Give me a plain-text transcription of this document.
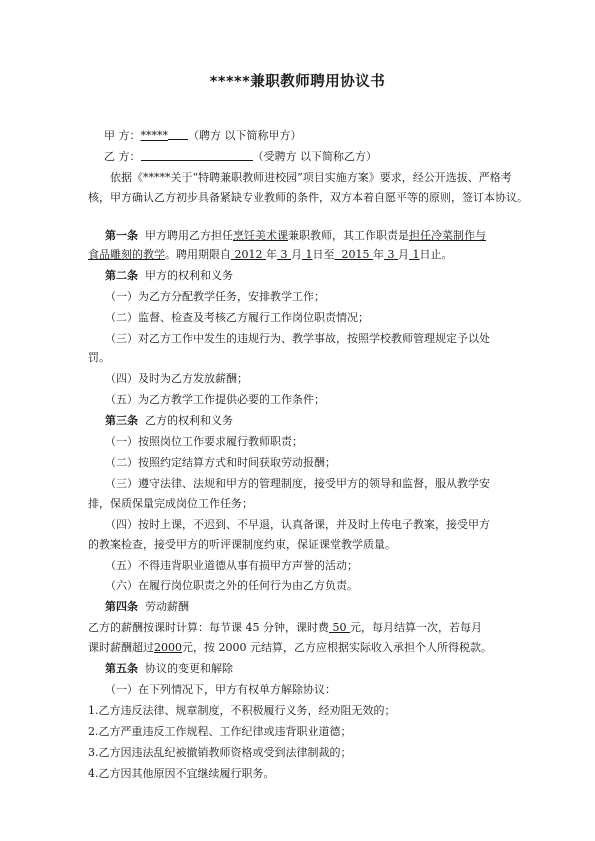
*****兼职教师聘用协议书
甲 方：***** （聘方 以下简称甲方）
乙 方：	（受聘方 以下简称乙方）
依据《*****关于“特聘兼职教师进校园”项目实施方案》要求，经公开选拔、严格考核，甲方确认乙方初步具备紧缺专业教师的条件，双方本着自愿平等的原则，签订本协议。
第一条 甲方聘用乙方担任烹饪美术课兼职教师，其工作职责是担任冷菜制作与
食品雕刻的教学。聘用期限自 2012 年 3 月 1日至 2015 年 3 月 1日止。
第二条 甲方的权利和义务
（一）为乙方分配教学任务，安排教学工作；
（二）监督、检查及考核乙方履行工作岗位职责情况；
（三）对乙方工作中发生的违规行为、教学事故，按照学校教师管理规定予以处
罚。
（四）及时为乙方发放薪酬；
（五）为乙方教学工作提供必要的工作条件；
第三条 乙方的权利和义务
（一）按照岗位工作要求履行教师职责；
（二）按照约定结算方式和时间获取劳动报酬；
（三）遵守法律、法规和甲方的管理制度，接受甲方的领导和监督，服从教学安
排，保质保量完成岗位工作任务；
（四）按时上课，不迟到、不早退，认真备课，并及时上传电子教案，接受甲方
的教案检查，接受甲方的听评课制度约束，保证课堂教学质量。
（五）不得违背职业道德从事有损甲方声誉的活动；
（六）在履行岗位职责之外的任何行为由乙方负责。
第四条 劳动薪酬
乙方的薪酬按课时计算：每节课 45 分钟，课时费 50 元，每月结算一次，若每月
课时薪酬超过2000元，按 2000 元结算，乙方应根据实际收入承担个人所得税款。
第五条 协议的变更和解除
（一）在下列情况下，甲方有权单方解除协议：
1.乙方违反法律、规章制度，不积极履行义务，经劝阻无效的；
2.乙方严重违反工作规程、工作纪律或违背职业道德；
3.乙方因违法乱纪被撤销教师资格或受到法律制裁的；
4.乙方因其他原因不宜继续履行职务。
